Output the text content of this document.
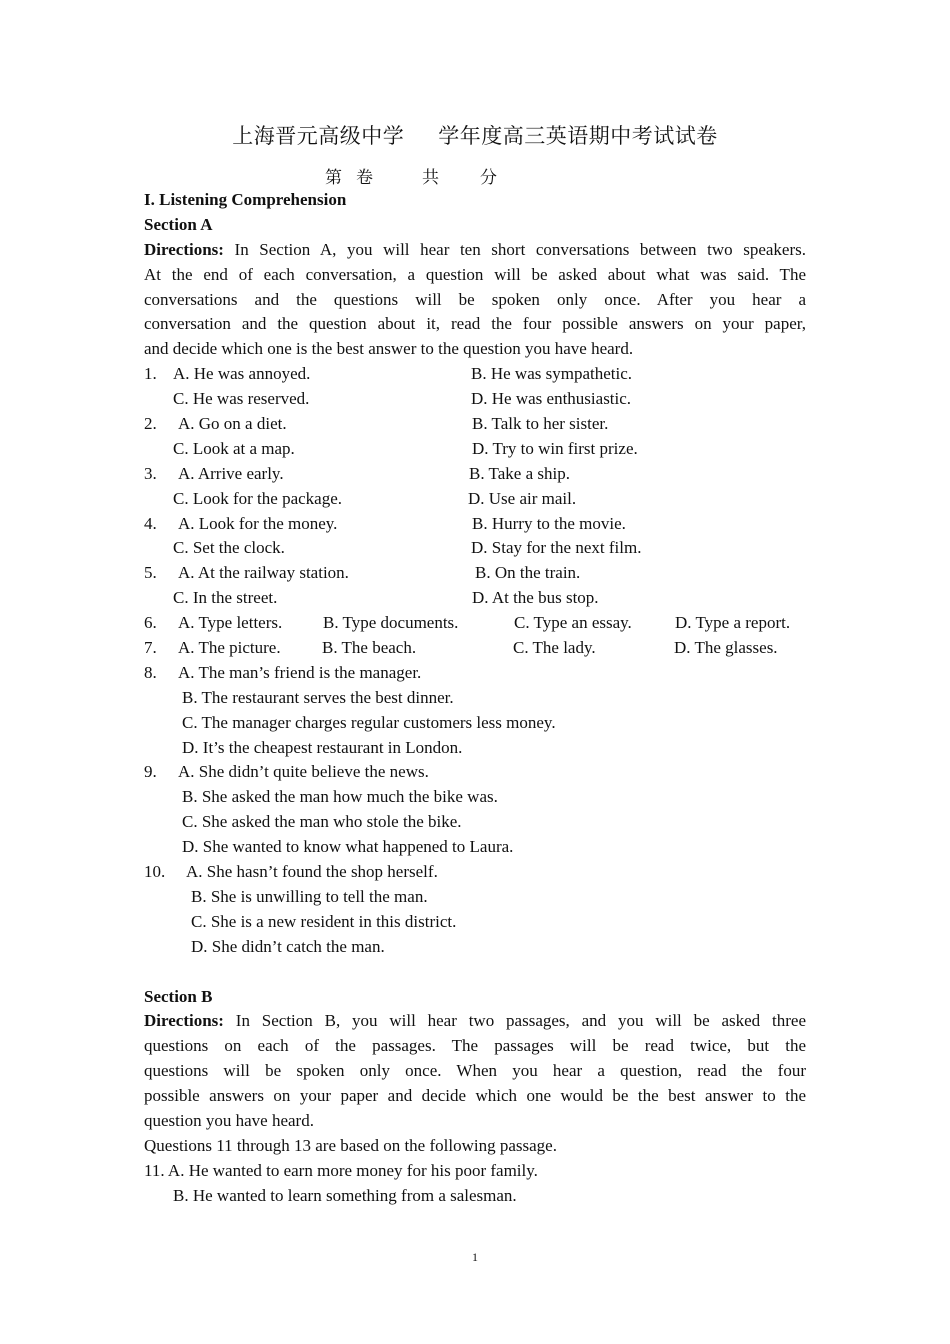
上海晋元高级中学 学年度高三英语期中考试试卷
第 卷	共 分
I. Listening Comprehension
Section A
Directions: In Section A, you will hear ten short conversations between two speakers.
At the end of each conversation, a question will be asked about what was said. The
conversations and the questions will be spoken only once. After you hear a
conversation and the question about it, read the four possible answers on your paper,
and decide which one is the best answer to the question you have heard.
1. A. He was annoyed.	B. He was sympathetic.
C. He was reserved.	D. He was enthusiastic.
2. A. Go on a diet.	B. Talk to her sister.
C. Look at a map.	D. Try to win first prize.
3. A. Arrive early.	B. Take a ship.
C. Look for the package.	D. Use air mail.
4. A. Look for the money.	B. Hurry to the movie.
C. Set the clock.	D. Stay for the next film.
5. A. At the railway station.	B. On the train.
C. In the street.	D. At the bus stop.
6. A. Type letters. B. Type documents.	C. Type an essay.	D. Type a report.
7. A. The picture. B. The beach.	C. The lady.	D. The glasses.
8. A. The man’s friend is the manager.
B. The restaurant serves the best dinner.
C. The manager charges regular customers less money.
D. It’s the cheapest restaurant in London.
9. A. She didn’t quite believe the news.
B. She asked the man how much the bike was.
C. She asked the man who stole the bike.
D. She wanted to know what happened to Laura.
10. A. She hasn’t found the shop herself.
B. She is unwilling to tell the man.
C. She is a new resident in this district.
D. She didn’t catch the man.
Section B
Directions: In Section B, you will hear two passages, and you will be asked three
questions on each of the passages. The passages will be read twice, but the
questions will be spoken only once. When you hear a question, read the four
possible answers on your paper and decide which one would be the best answer to the
question you have heard.
Questions 11 through 13 are based on the following passage.
11. A. He wanted to earn more money for his poor family.
B. He wanted to learn something from a salesman.
1
